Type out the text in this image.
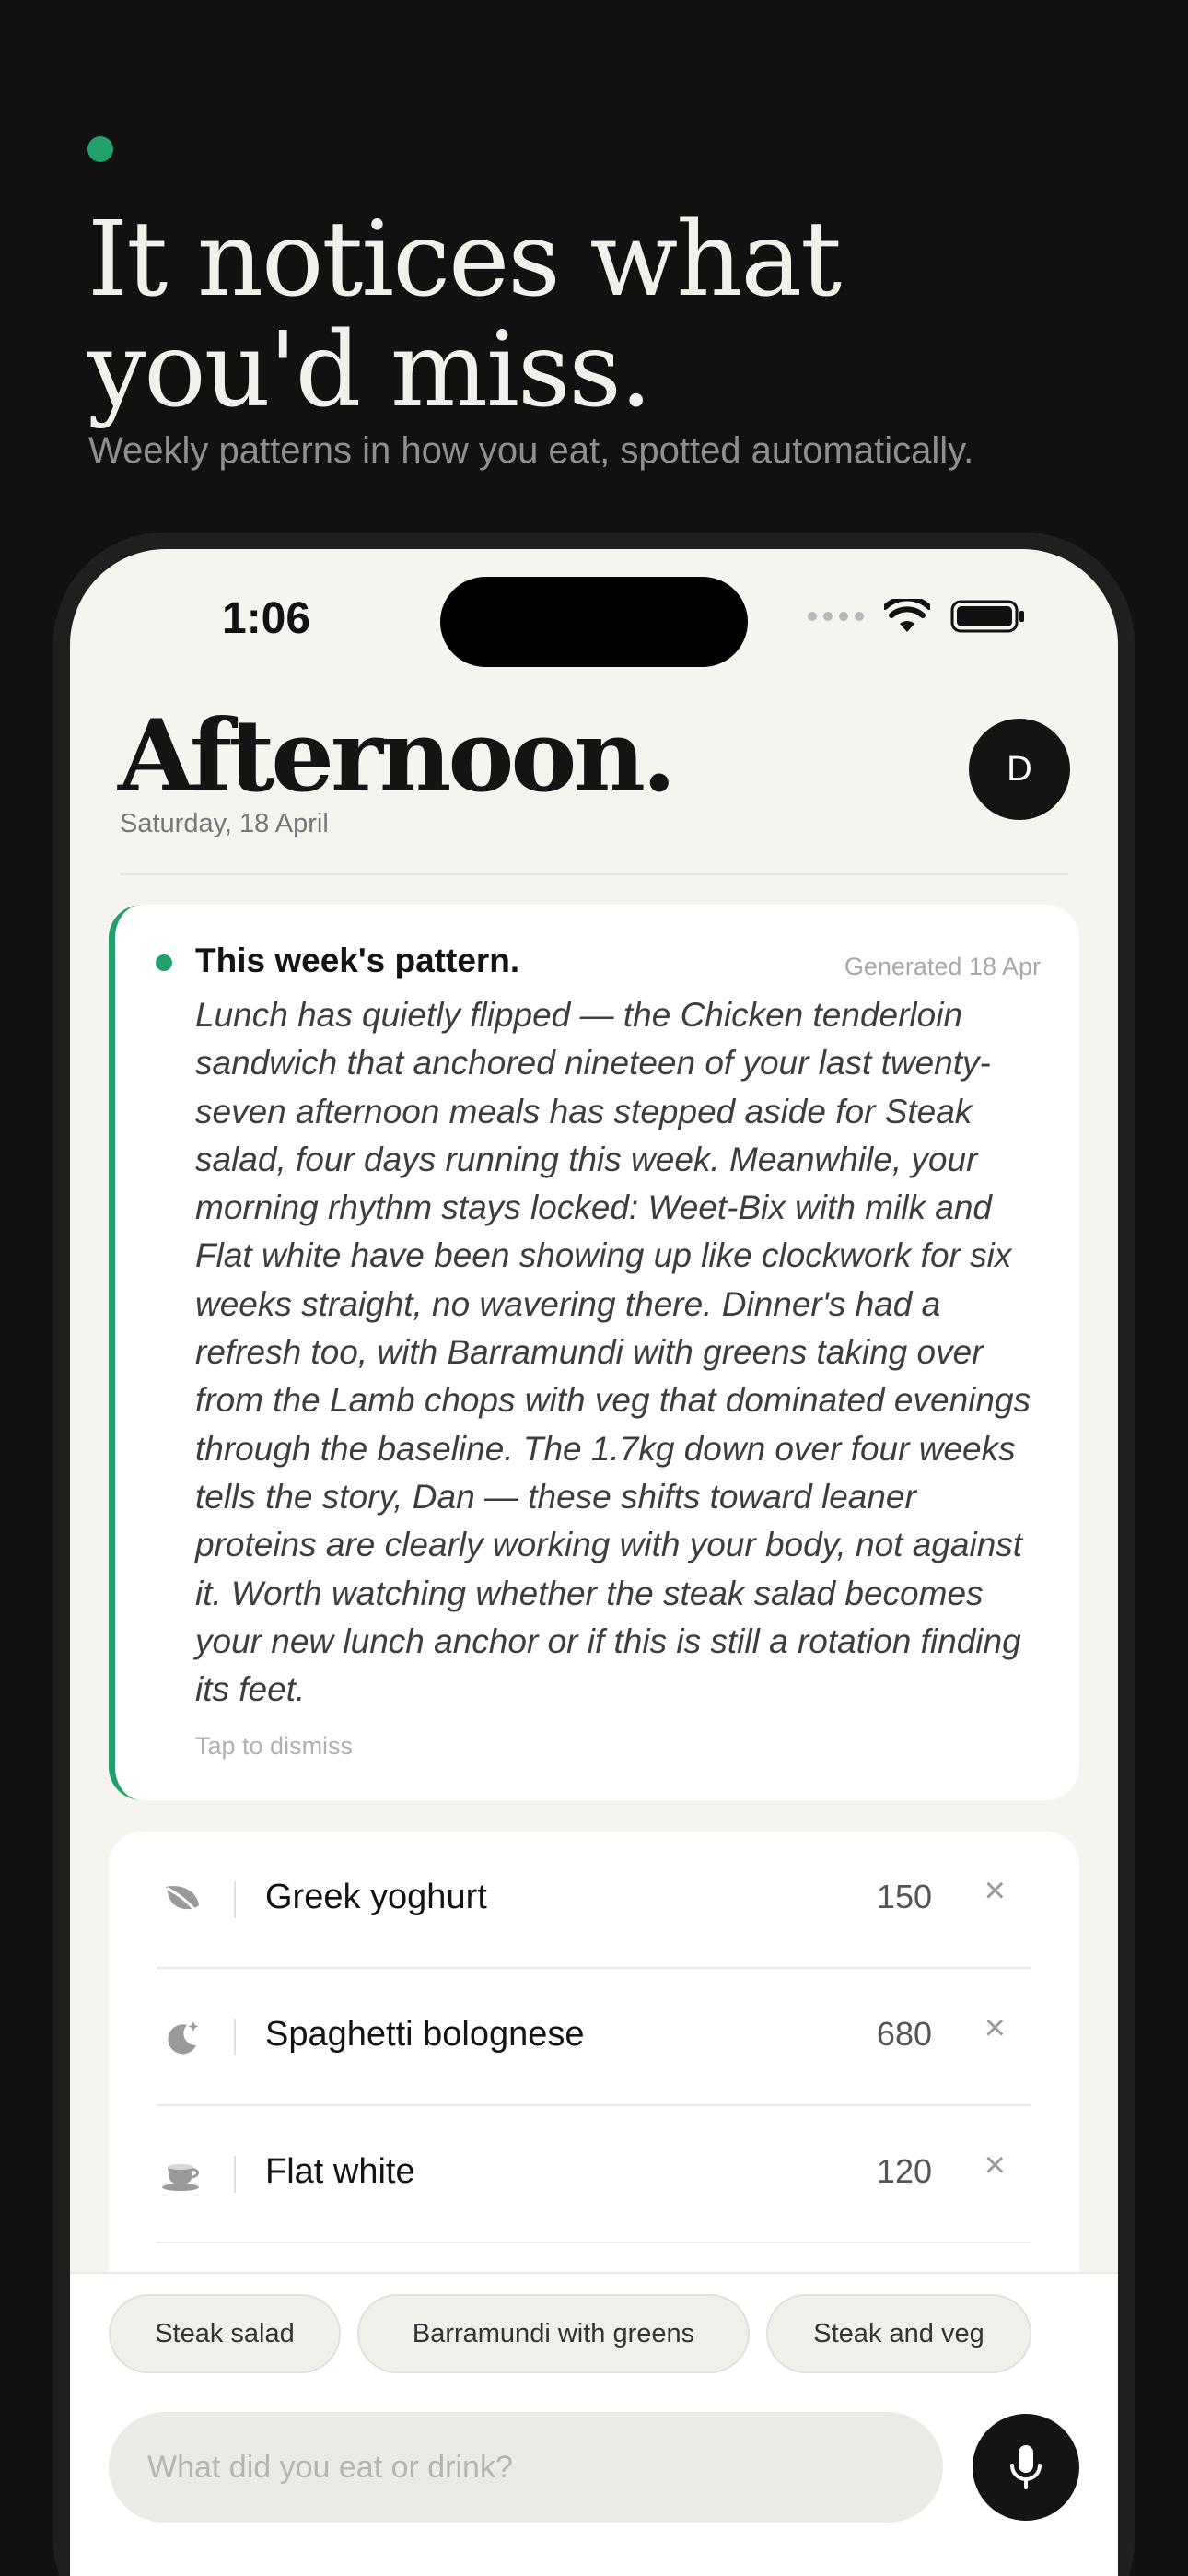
It notices what you'd miss.

Weekly patterns in how you eat, spotted automatically.

1:06
Afternoon.
Saturday, 18 April
D
This week's pattern.	Generated 18 Apr

Lunch has quietly flipped — the Chicken tenderloin sandwich that anchored nineteen of your last twenty-seven afternoon meals has stepped aside for Steak salad, four days running this week. Meanwhile, your morning rhythm stays locked: Weet-Bix with milk and Flat white have been showing up like clockwork for six weeks straight, no wavering there. Dinner's had a refresh too, with Barramundi with greens taking over from the Lamb chops with veg that dominated evenings through the baseline. The 1.7kg down over four weeks tells the story, Dan — these shifts toward leaner proteins are clearly working with your body, not against it. Worth watching whether the steak salad becomes your new lunch anchor or if this is still a rotation finding its feet.

Tap to dismiss
Greek yoghurt	150 ×
Spaghetti bolognese	680 ×
Flat white	120 ×
Steak salad	Barramundi with greens	Steak and veg
What did you eat or drink?
